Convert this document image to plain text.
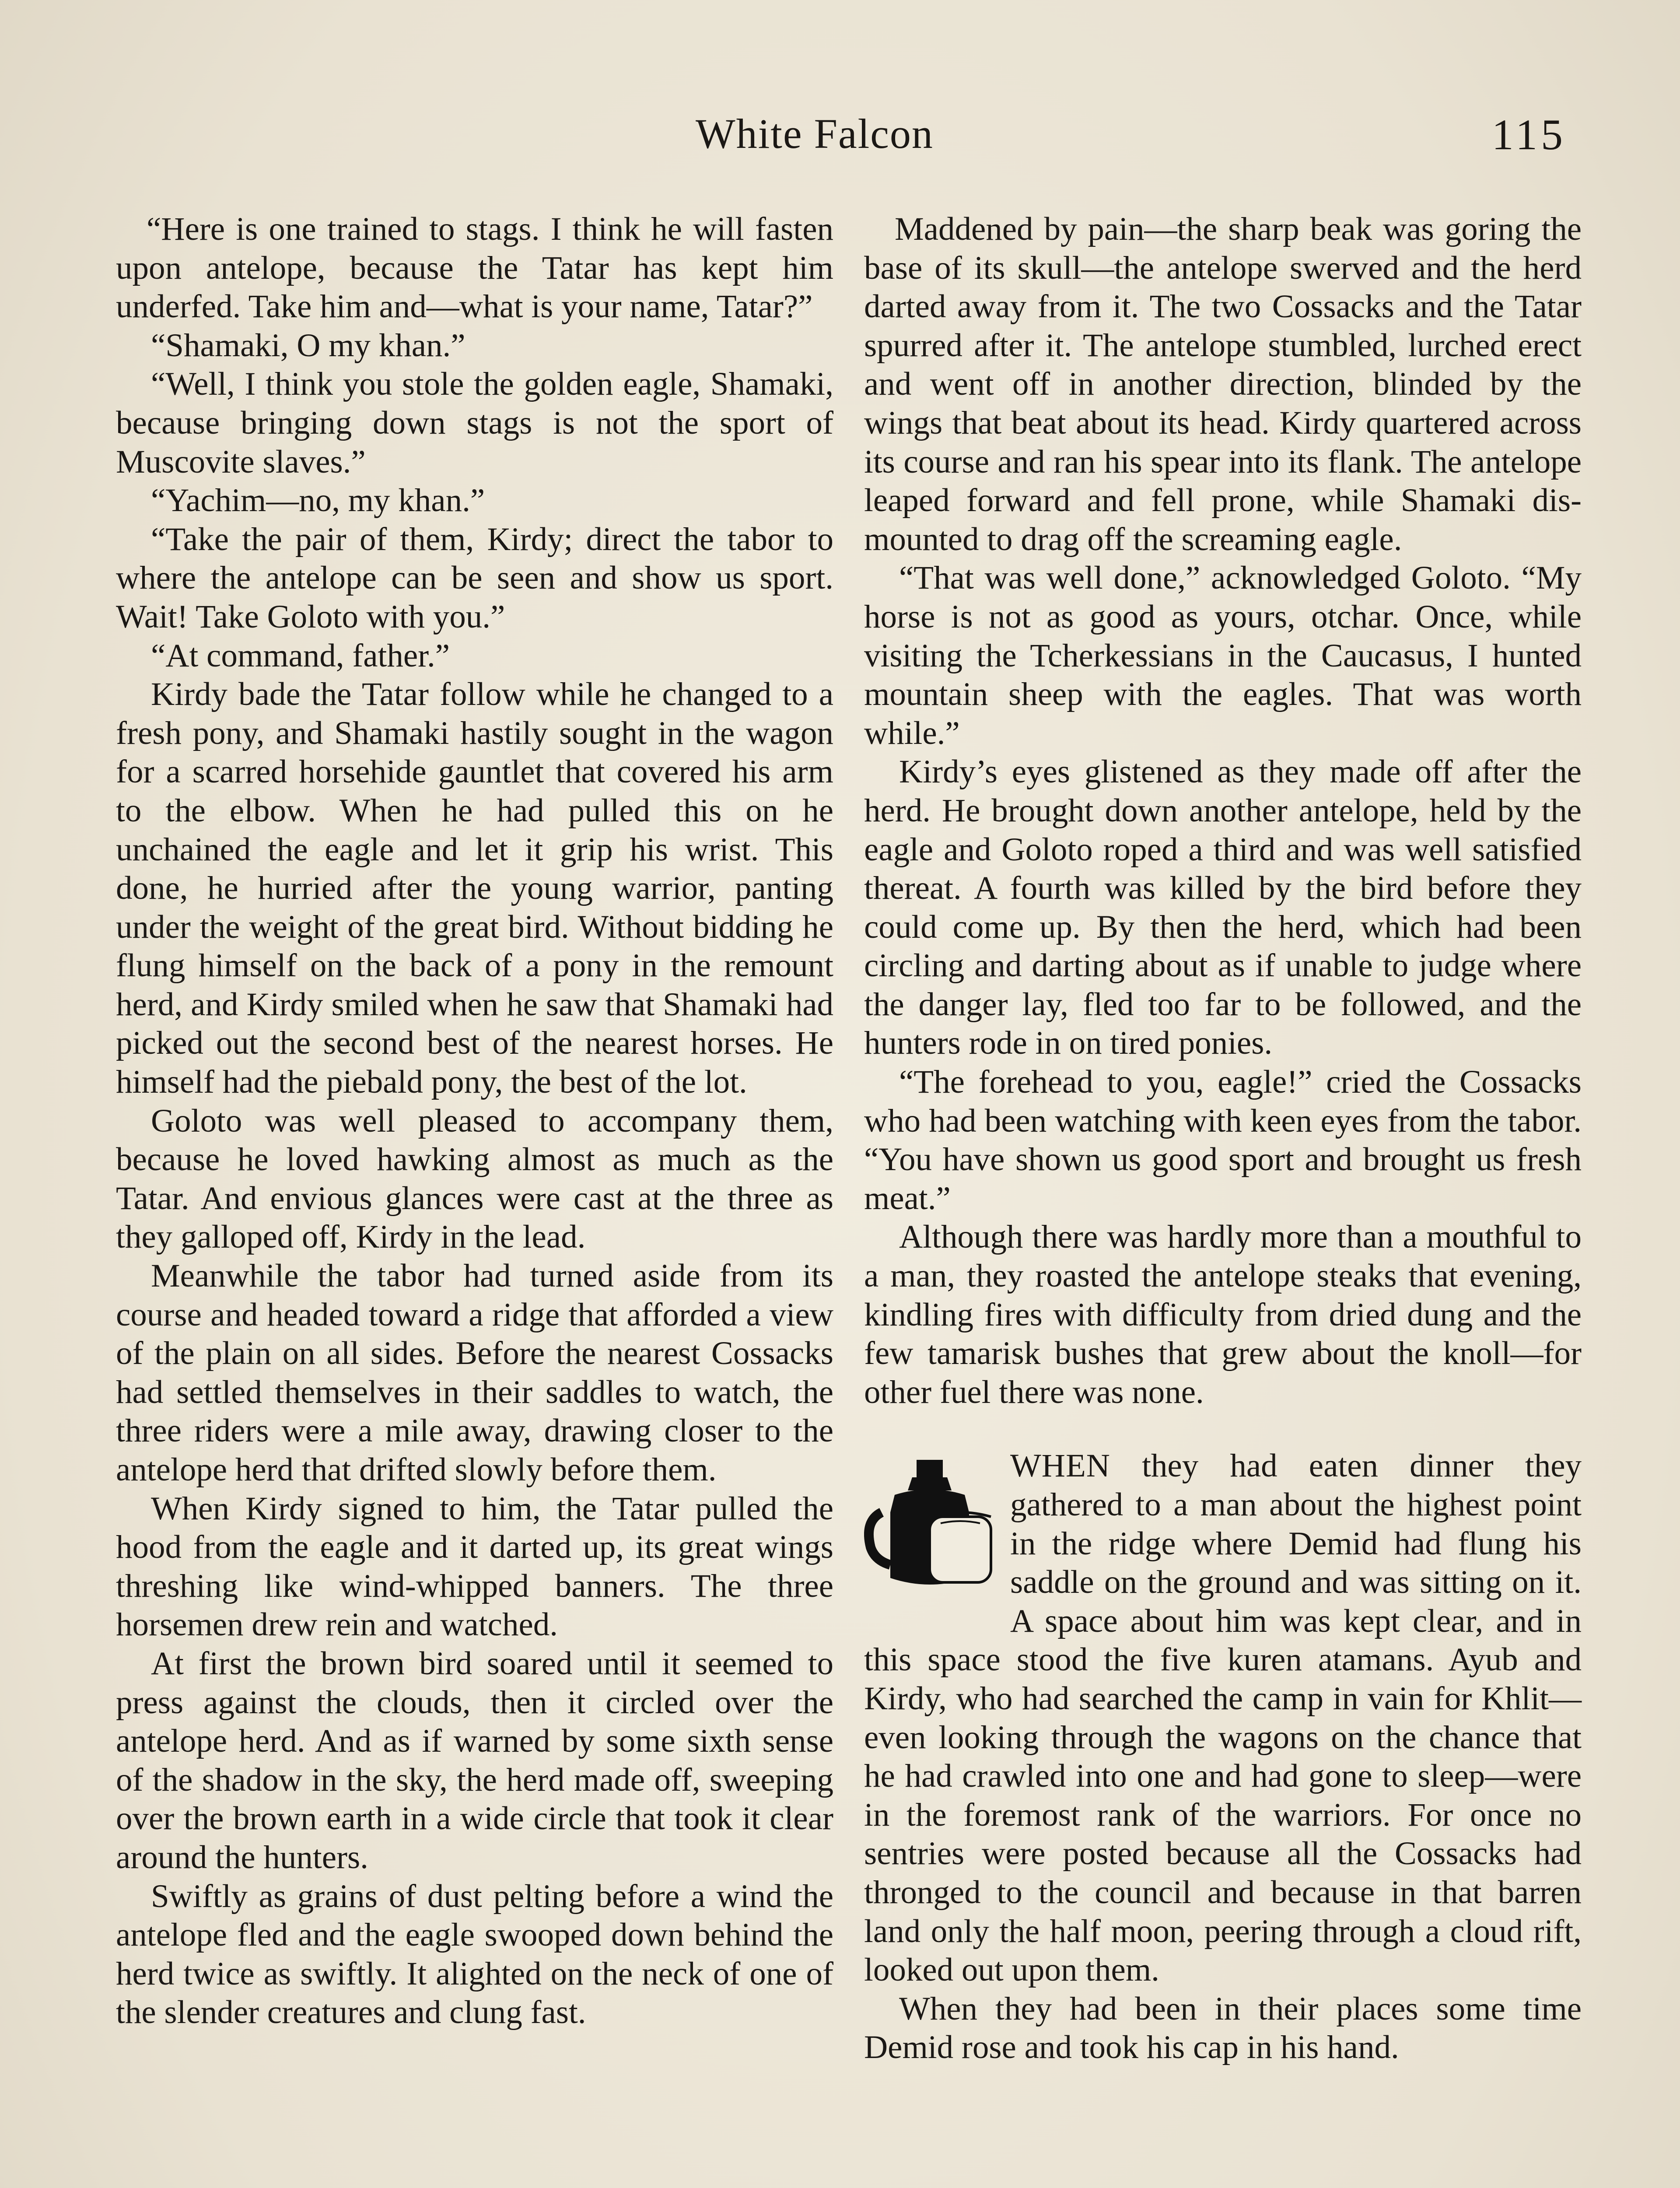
White Falcon	115

“Here is one trained to stags. I think he will fasten upon antelope, because the Tatar has kept him underfed. Take him and—what is your name, Tatar?”

“Shamaki, O my khan.”

“Well, I think you stole the golden eagle, Shamaki, because bringing down stags is not the sport of Muscovite slaves.”

“Yachim—no, my khan.”

“Take the pair of them, Kirdy; direct the tabor to where the antelope can be seen and show us sport. Wait! Take Goloto with you.”

“At command, father.”

Kirdy bade the Tatar follow while he changed to a fresh pony, and Shamaki hastily sought in the wagon for a scarred horsehide gauntlet that covered his arm to the elbow. When he had pulled this on he unchained the eagle and let it grip his wrist. This done, he hurried after the young warrior, panting under the weight of the great bird. Without bidding he flung himself on the back of a pony in the remount herd, and Kirdy smiled when he saw that Shamaki had picked out the second best of the nearest horses. He himself had the piebald pony, the best of the lot.

Goloto was well pleased to accompany them, because he loved hawking almost as much as the Tatar. And envious glances were cast at the three as they galloped off, Kirdy in the lead.

Meanwhile the tabor had turned aside from its course and headed toward a ridge that afforded a view of the plain on all sides. Before the nearest Cossacks had settled themselves in their saddles to watch, the three riders were a mile away, drawing closer to the antelope herd that drifted slowly before them.

When Kirdy signed to him, the Tatar pulled the hood from the eagle and it darted up, its great wings threshing like wind-whipped banners. The three horsemen drew rein and watched.

At first the brown bird soared until it seemed to press against the clouds, then it circled over the antelope herd. And as if warned by some sixth sense of the shadow in the sky, the herd made off, sweeping over the brown earth in a wide circle that took it clear around the hunters.

Swiftly as grains of dust pelting before a wind the antelope fled and the eagle swooped down behind the herd twice as swiftly. It alighted on the neck of one of the slender creatures and clung fast.

Maddened by pain—the sharp beak was goring the base of its skull—the antelope swerved and the herd darted away from it. The two Cossacks and the Tatar spurred after it. The antelope stumbled, lurched erect and went off in another direction, blinded by the wings that beat about its head. Kirdy quartered across its course and ran his spear into its flank. The antelope leaped forward and fell prone, while Shamaki dismounted to drag off the screaming eagle.

“That was well done,” acknowledged Goloto. “My horse is not as good as yours, otchar. Once, while visiting the Tcherkessians in the Caucasus, I hunted mountain sheep with the eagles. That was worth while.”

Kirdy’s eyes glistened as they made off after the herd. He brought down another antelope, held by the eagle and Goloto roped a third and was well satisfied thereat. A fourth was killed by the bird before they could come up. By then the herd, which had been circling and darting about as if unable to judge where the danger lay, fled too far to be followed, and the hunters rode in on tired ponies.

“The forehead to you, eagle!” cried the Cossacks who had been watching with keen eyes from the tabor. “You have shown us good sport and brought us fresh meat.”

Although there was hardly more than a mouthful to a man, they roasted the antelope steaks that evening, kindling fires with difficulty from dried dung and the few tamarisk bushes that grew about the knoll—for other fuel there was none.

WHEN they had eaten dinner they gathered to a man about the highest point in the ridge where Demid had flung his saddle on the ground and was sitting on it. A space about him was kept clear, and in this space stood the five kuren atamans. Ayub and Kirdy, who had searched the camp in vain for Khlit—even looking through the wagons on the chance that he had crawled into one and had gone to sleep—were in the foremost rank of the warriors. For once no sentries were posted because all the Cossacks had thronged to the council and because in that barren land only the half moon, peering through a cloud rift, looked out upon them.

When they had been in their places some time Demid rose and took his cap in his hand.
